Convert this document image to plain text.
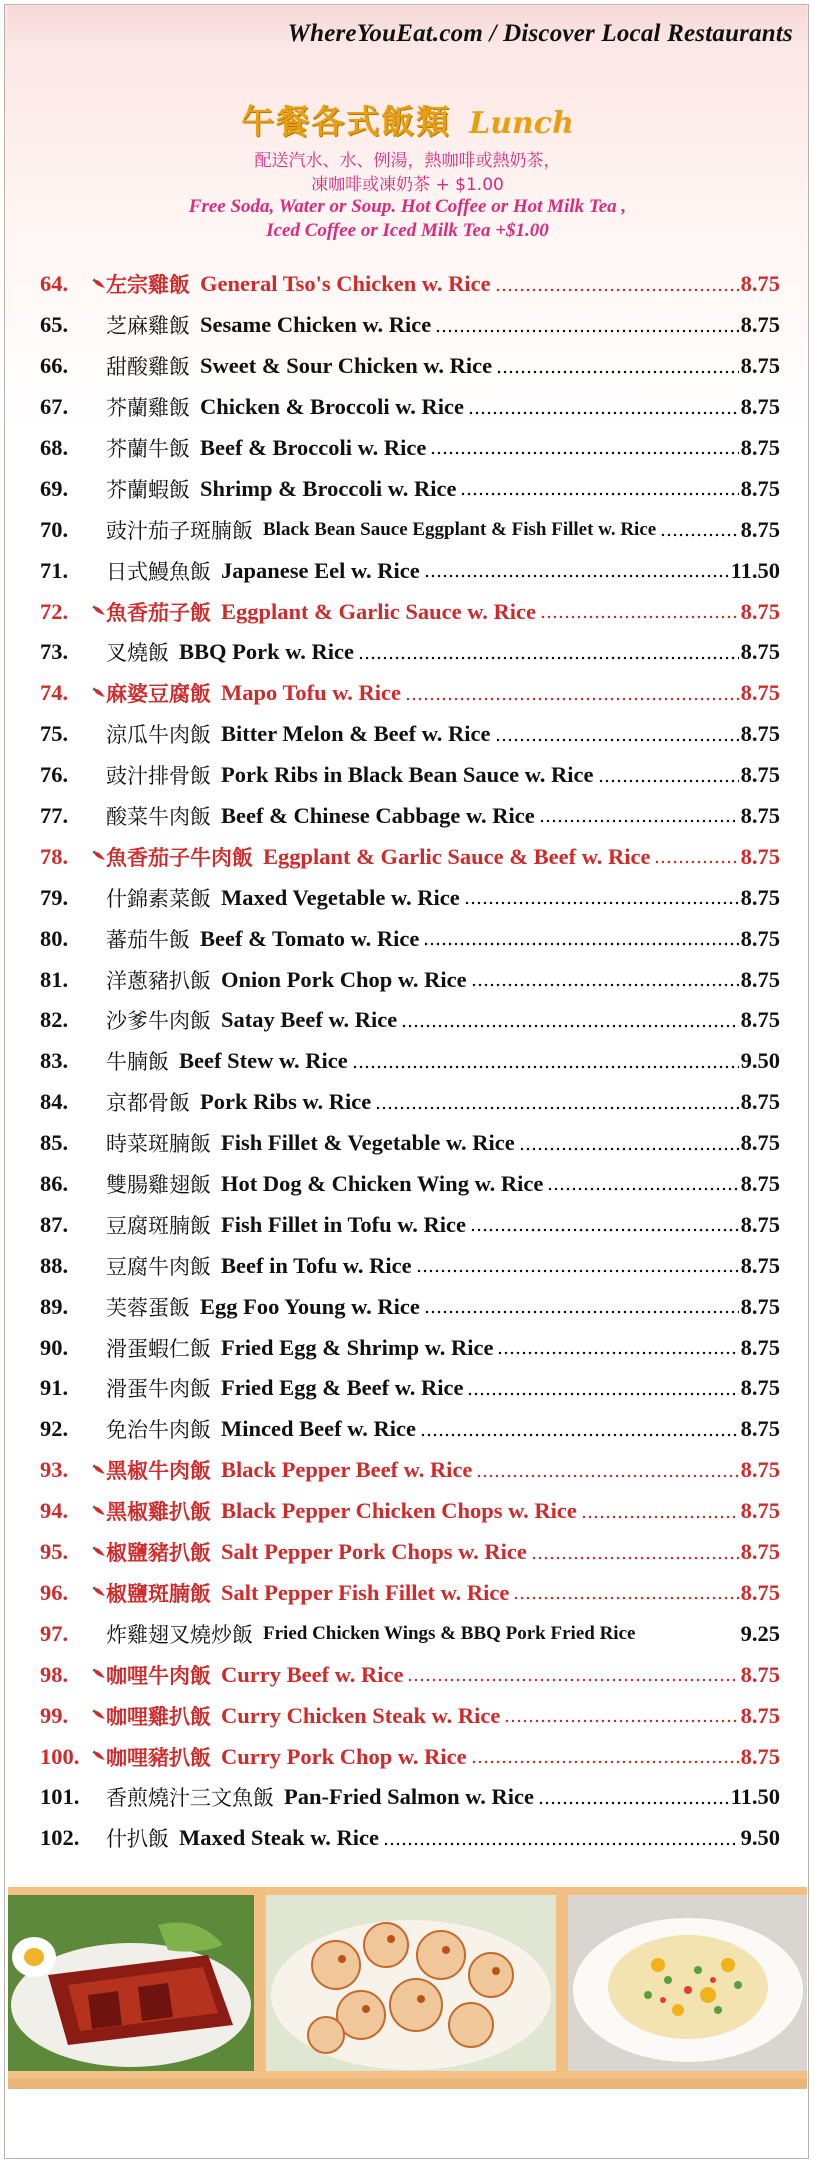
WhereYouEat.com / Discover Local Restaurants
午餐各式飯類 Lunch
配送汽水、水、例湯，熱咖啡或熱奶茶，
凍咖啡或凍奶茶 + $1.00
Free Soda, Water or Soup. Hot Coffee or Hot Milk Tea ,
Iced Coffee or Iced Milk Tea +$1.00
64.	左宗雞飯 General Tso's Chicken w. Rice	8.75
65.	芝麻雞飯 Sesame Chicken w. Rice	8.75
66.	甜酸雞飯 Sweet & Sour Chicken w. Rice	8.75
67.	芥蘭雞飯 Chicken & Broccoli w. Rice	8.75
68.	芥蘭牛飯 Beef & Broccoli w. Rice	8.75
69.	芥蘭蝦飯 Shrimp & Broccoli w. Rice	8.75
70.	豉汁茄子斑腩飯 Black Bean Sauce Eggplant & Fish Fillet w. Rice	8.75
71.	日式鰻魚飯 Japanese Eel w. Rice	11.50
72.	魚香茄子飯 Eggplant & Garlic Sauce w. Rice	8.75
73.	叉燒飯 BBQ Pork w. Rice	8.75
74.	麻婆豆腐飯 Mapo Tofu w. Rice	8.75
75.	涼瓜牛肉飯 Bitter Melon & Beef w. Rice	8.75
76.	豉汁排骨飯 Pork Ribs in Black Bean Sauce w. Rice	8.75
77.	酸菜牛肉飯 Beef & Chinese Cabbage w. Rice	8.75
78.	魚香茄子牛肉飯 Eggplant & Garlic Sauce & Beef w. Rice	8.75
79.	什錦素菜飯 Maxed Vegetable w. Rice	8.75
80.	蕃茄牛飯 Beef & Tomato w. Rice	8.75
81.	洋蔥豬扒飯 Onion Pork Chop w. Rice	8.75
82.	沙爹牛肉飯 Satay Beef w. Rice	8.75
83.	牛腩飯 Beef Stew w. Rice	9.50
84.	京都骨飯 Pork Ribs w. Rice	8.75
85.	時菜斑腩飯 Fish Fillet & Vegetable w. Rice	8.75
86.	雙腸雞翅飯 Hot Dog & Chicken Wing w. Rice	8.75
87.	豆腐斑腩飯 Fish Fillet in Tofu w. Rice	8.75
88.	豆腐牛肉飯 Beef in Tofu w. Rice	8.75
89.	芙蓉蛋飯 Egg Foo Young w. Rice	8.75
90.	滑蛋蝦仁飯 Fried Egg & Shrimp w. Rice	8.75
91.	滑蛋牛肉飯 Fried Egg & Beef w. Rice	8.75
92.	免治牛肉飯 Minced Beef w. Rice	8.75
93.	黑椒牛肉飯 Black Pepper Beef w. Rice	8.75
94.	黑椒雞扒飯 Black Pepper Chicken Chops w. Rice	8.75
95.	椒鹽豬扒飯 Salt Pepper Pork Chops w. Rice	8.75
96.	椒鹽斑腩飯 Salt Pepper Fish Fillet w. Rice	8.75
97.	炸雞翅叉燒炒飯 Fried Chicken Wings & BBQ Pork Fried Rice	9.25
98.	咖哩牛肉飯 Curry Beef w. Rice	8.75
99.	咖哩雞扒飯 Curry Chicken Steak w. Rice	8.75
100.	咖哩豬扒飯 Curry Pork Chop w. Rice	8.75
101.	香煎燒汁三文魚飯 Pan-Fried Salmon w. Rice	11.50
102.	什扒飯 Maxed Steak w. Rice	9.50
